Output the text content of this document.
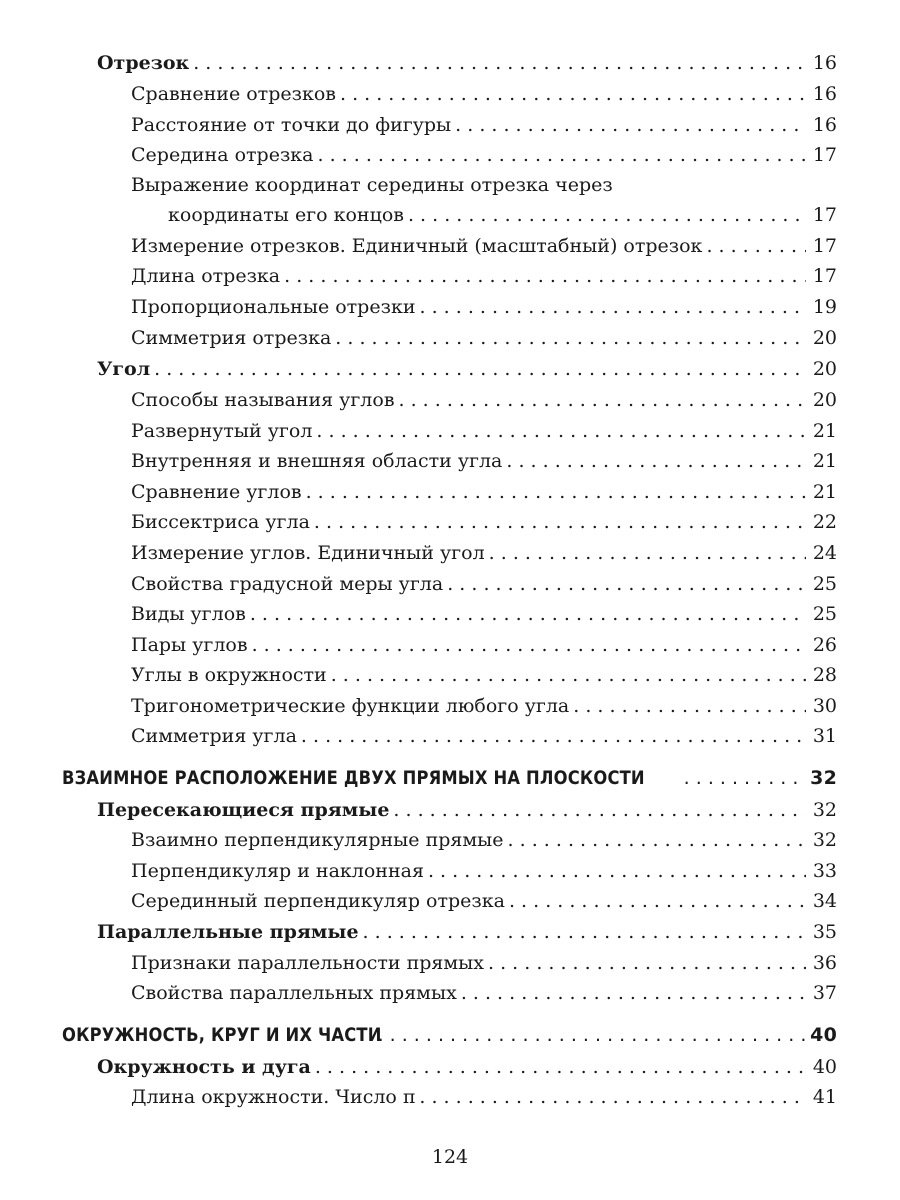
Отрезок . . .	16
Сравнение отрезков . . .	16
Расстояние от точки до фигуры . . .	16
Середина отрезка . . .	17
Выражение координат середины отрезка через
координаты его концов . . .	17
Измерение отрезков. Единичный (масштабный) отрезок . . .	17
Длина отрезка . . .	17
Пропорциональные отрезки . . .	19
Симметрия отрезка . . .	20
Угол . . .	20
Способы называния углов . . .	20
Развернутый угол . . .	21
Внутренняя и внешняя области угла . . .	21
Сравнение углов . . .	21
Биссектриса угла . . .	22
Измерение углов. Единичный угол . . .	24
Свойства градусной меры угла . . .	25
Виды углов . . .	25
Пары углов . . .	26
Углы в окружности . . .	28
Тригонометрические функции любого угла . . .	30
Симметрия угла . . .	31
ВЗАИМНОЕ РАСПОЛОЖЕНИЕ ДВУХ ПРЯМЫХ НА ПЛОСКОСТИ . . .	32
Пересекающиеся прямые . . .	32
Взаимно перпендикулярные прямые . . .	32
Перпендикуляр и наклонная . . .	33
Серединный перпендикуляр отрезка . . .	34
Параллельные прямые . . .	35
Признаки параллельности прямых . . .	36
Свойства параллельных прямых . . .	37
ОКРУЖНОСТЬ, КРУГ И ИХ ЧАСТИ . . .	40
Окружность и дуга . . .	40
Длина окружности. Число π . . .	41
124
